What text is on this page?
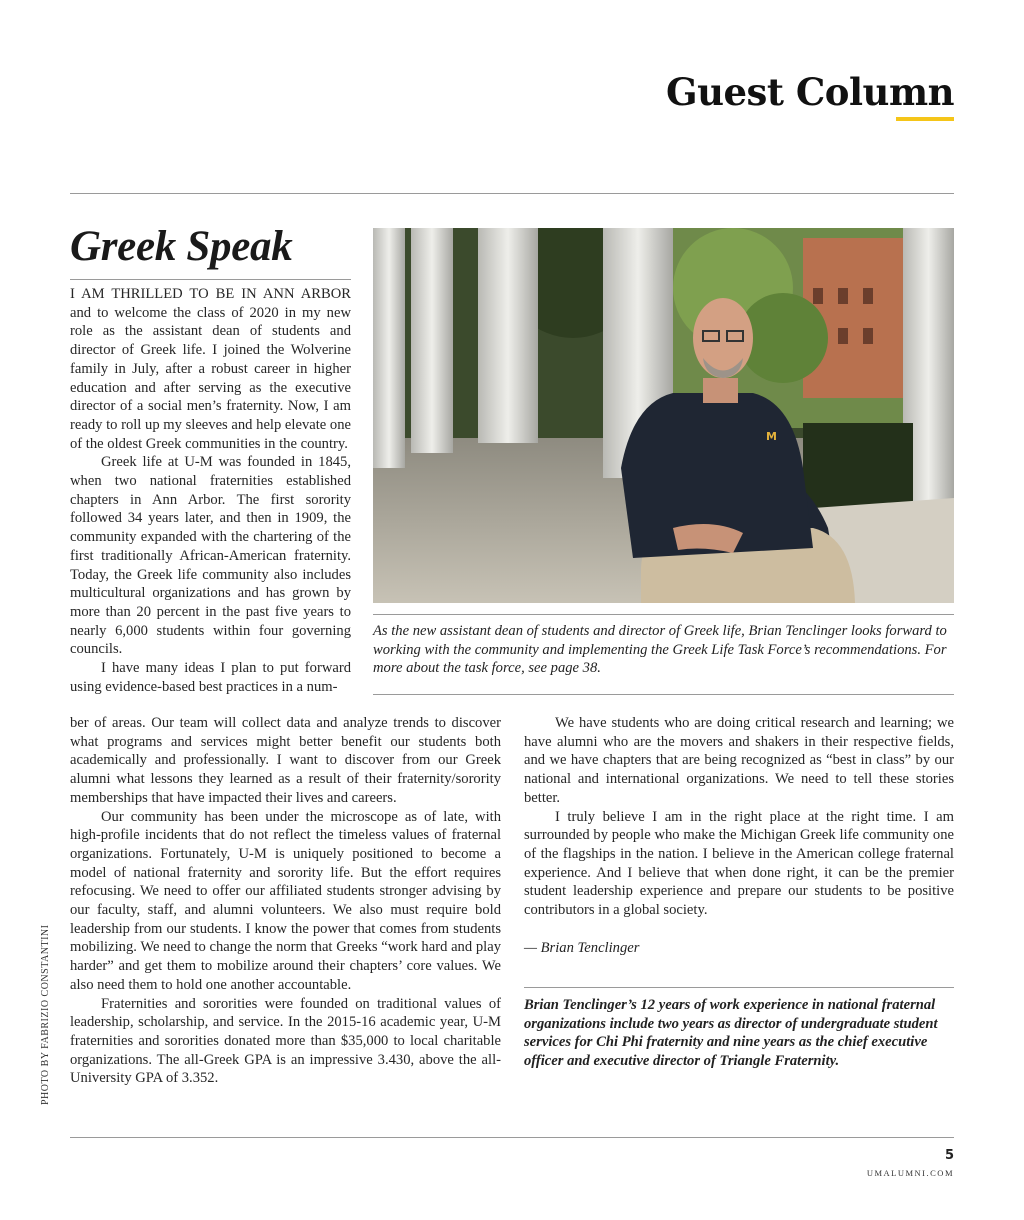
Guest Column
Greek Speak

I AM THRILLED TO BE IN ANN ARBOR and to welcome the class of 2020 in my new role as the assistant dean of students and director of Greek life. I joined the Wolverine family in July, after a robust career in higher education and after serving as the executive director of a social men’s fraternity. Now, I am ready to roll up my sleeves and help elevate one of the oldest Greek communities in the country.

Greek life at U-M was founded in 1845, when two national fraternities established chapters in Ann Arbor. The first sorority followed 34 years later, and then in 1909, the community expanded with the chartering of the first traditionally African-American fraternity. Today, the Greek life community also includes multicultural organizations and has grown by more than 20 percent in the past five years to nearly 6,000 students within four governing councils.

I have many ideas I plan to put forward using evidence-based best practices in a num-

M
As the new assistant dean of students and director of Greek life, Brian Tenclinger looks forward to working with the community and implementing the Greek Life Task Force’s recommendations. For more about the task force, see page 38.

ber of areas. Our team will collect data and analyze trends to discover what programs and services might better benefit our students both academically and professionally. I want to discover from our Greek alumni what lessons they learned as a result of their fraternity/sorority memberships that have impacted their lives and careers.

Our community has been under the microscope as of late, with high-profile incidents that do not reflect the timeless values of fraternal organizations. Fortunately, U-M is uniquely positioned to become a model of national fraternity and sorority life. But the effort requires refocusing. We need to offer our affiliated students stronger advising by our faculty, staff, and alumni volunteers. We also must require bold leadership from our students. I know the power that comes from students mobilizing. We need to change the norm that Greeks “work hard and play harder” and get them to mobilize around their chapters’ core values. We also need them to hold one another accountable.

Fraternities and sororities were founded on traditional values of leadership, scholarship, and service. In the 2015-16 academic year, U-M fraternities and sororities donated more than $35,000 to local charitable organizations. The all-Greek GPA is an impressive 3.430, above the all-University GPA of 3.352.

We have students who are doing critical research and learning; we have alumni who are the movers and shakers in their respective fields, and we have chapters that are being recognized as “best in class” by our national and international organizations. We need to tell these stories better.

I truly believe I am in the right place at the right time. I am surrounded by people who make the Michigan Greek life community one of the flagships in the nation. I believe in the American college fraternal experience. And I believe that when done right, it can be the premier student leadership experience and prepare our students to be positive contributors in a global society.

— Brian Tenclinger
Brian Tenclinger’s 12 years of work experience in national fraternal organizations include two years as director of undergraduate student services for Chi Phi fraternity and nine years as the chief executive officer and executive director of Triangle Fraternity.
PHOTO BY FABRIZIO CONSTANTINI
5
UMALUMNI.COM
